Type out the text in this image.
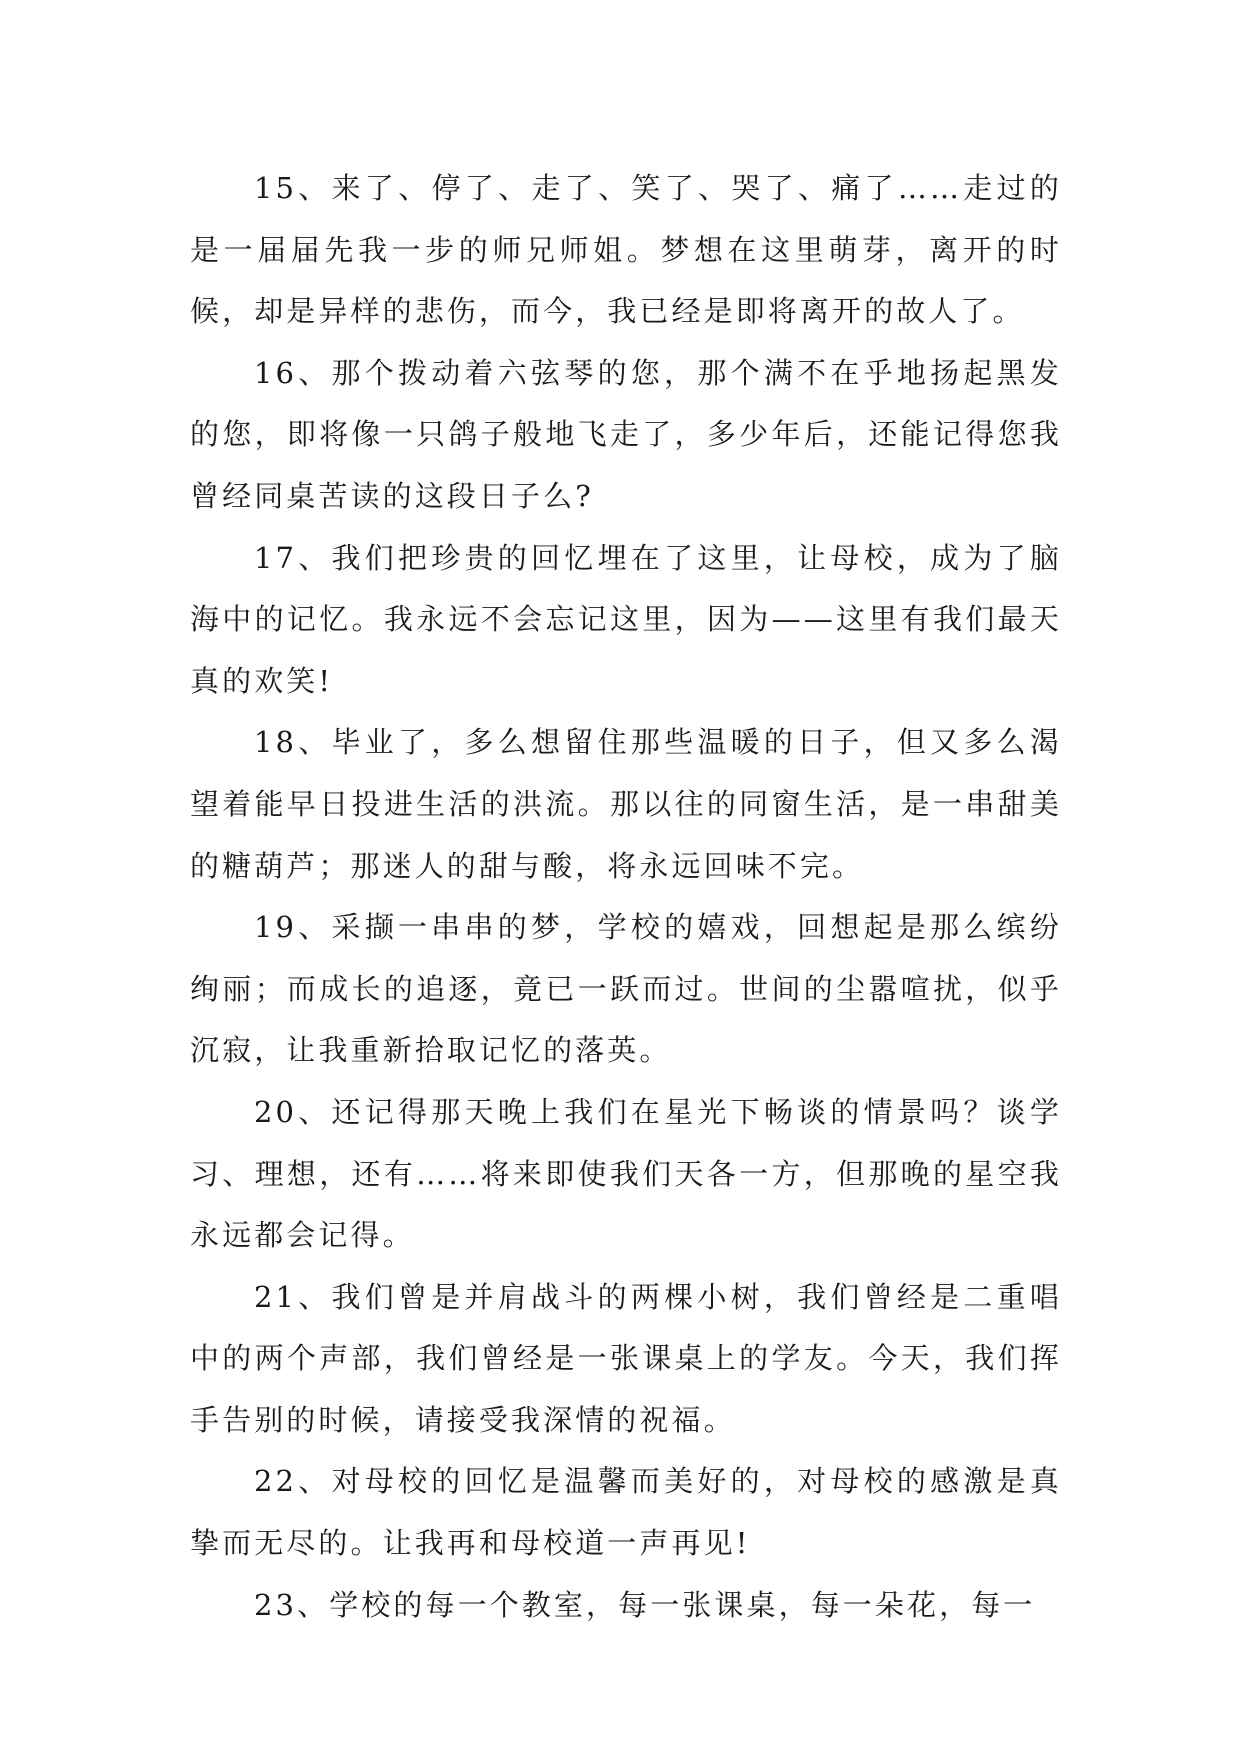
15、来了、停了、走了、笑了、哭了、痛了……走过的是一届届先我一步的师兄师姐。梦想在这里萌芽，离开的时候，却是异样的悲伤，而今，我已经是即将离开的故人了。

16、那个拨动着六弦琴的您，那个满不在乎地扬起黑发的您，即将像一只鸽子般地飞走了，多少年后，还能记得您我曾经同桌苦读的这段日子么?

17、我们把珍贵的回忆埋在了这里，让母校，成为了脑海中的记忆。我永远不会忘记这里，因为——这里有我们最天真的欢笑!

18、毕业了，多么想留住那些温暖的日子，但又多么渴望着能早日投进生活的洪流。那以往的同窗生活，是一串甜美的糖葫芦；那迷人的甜与酸，将永远回味不完。

19、采撷一串串的梦，学校的嬉戏，回想起是那么缤纷绚丽；而成长的追逐，竟已一跃而过。世间的尘嚣喧扰，似乎沉寂，让我重新拾取记忆的落英。

20、还记得那天晚上我们在星光下畅谈的情景吗？谈学习、理想，还有……将来即使我们天各一方，但那晚的星空我永远都会记得。

21、我们曾是并肩战斗的两棵小树，我们曾经是二重唱中的两个声部，我们曾经是一张课桌上的学友。今天，我们挥手告别的时候，请接受我深情的祝福。

22、对母校的回忆是温馨而美好的，对母校的感激是真挚而无尽的。让我再和母校道一声再见!

23、学校的每一个教室，每一张课桌，每一朵花，每一
